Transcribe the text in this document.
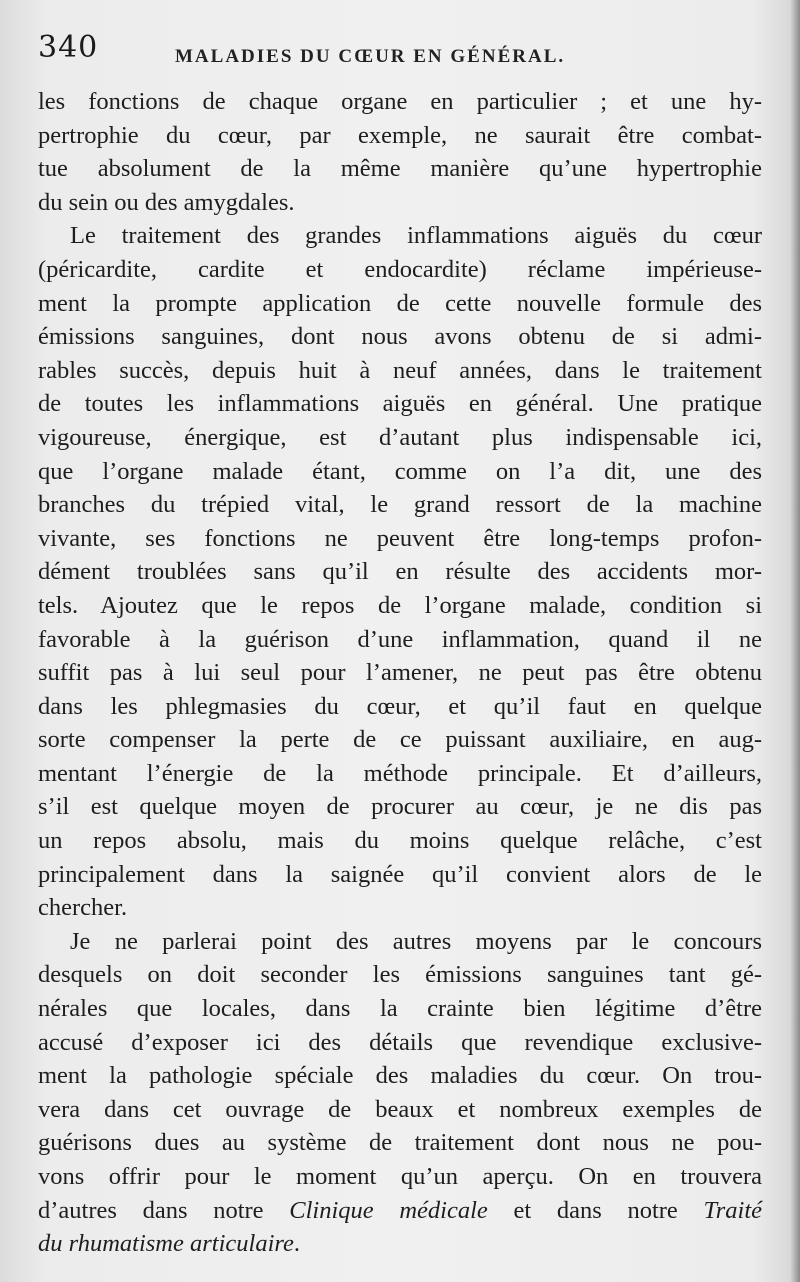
340	MALADIES DU CŒUR EN GÉNÉRAL.
les fonctions de chaque organe en particulier ; et une hy-
pertrophie du cœur, par exemple, ne saurait être combat-
tue absolument de la même manière qu’une hypertrophie
du sein ou des amygdales.
Le traitement des grandes inflammations aiguës du cœur
(péricardite, cardite et endocardite) réclame impérieuse-
ment la prompte application de cette nouvelle formule des
émissions sanguines, dont nous avons obtenu de si admi-
rables succès, depuis huit à neuf années, dans le traitement
de toutes les inflammations aiguës en général. Une pratique
vigoureuse, énergique, est d’autant plus indispensable ici,
que l’organe malade étant, comme on l’a dit, une des
branches du trépied vital, le grand ressort de la machine
vivante, ses fonctions ne peuvent être long-temps profon-
dément troublées sans qu’il en résulte des accidents mor-
tels. Ajoutez que le repos de l’organe malade, condition si
favorable à la guérison d’une inflammation, quand il ne
suffit pas à lui seul pour l’amener, ne peut pas être obtenu
dans les phlegmasies du cœur, et qu’il faut en quelque
sorte compenser la perte de ce puissant auxiliaire, en aug-
mentant l’énergie de la méthode principale. Et d’ailleurs,
s’il est quelque moyen de procurer au cœur, je ne dis pas
un repos absolu, mais du moins quelque relâche, c’est
principalement dans la saignée qu’il convient alors de le
chercher.
Je ne parlerai point des autres moyens par le concours
desquels on doit seconder les émissions sanguines tant gé-
nérales que locales, dans la crainte bien légitime d’être
accusé d’exposer ici des détails que revendique exclusive-
ment la pathologie spéciale des maladies du cœur. On trou-
vera dans cet ouvrage de beaux et nombreux exemples de
guérisons dues au système de traitement dont nous ne pou-
vons offrir pour le moment qu’un aperçu. On en trouvera
d’autres dans notre Clinique médicale et dans notre Traité
du rhumatisme articulaire.
